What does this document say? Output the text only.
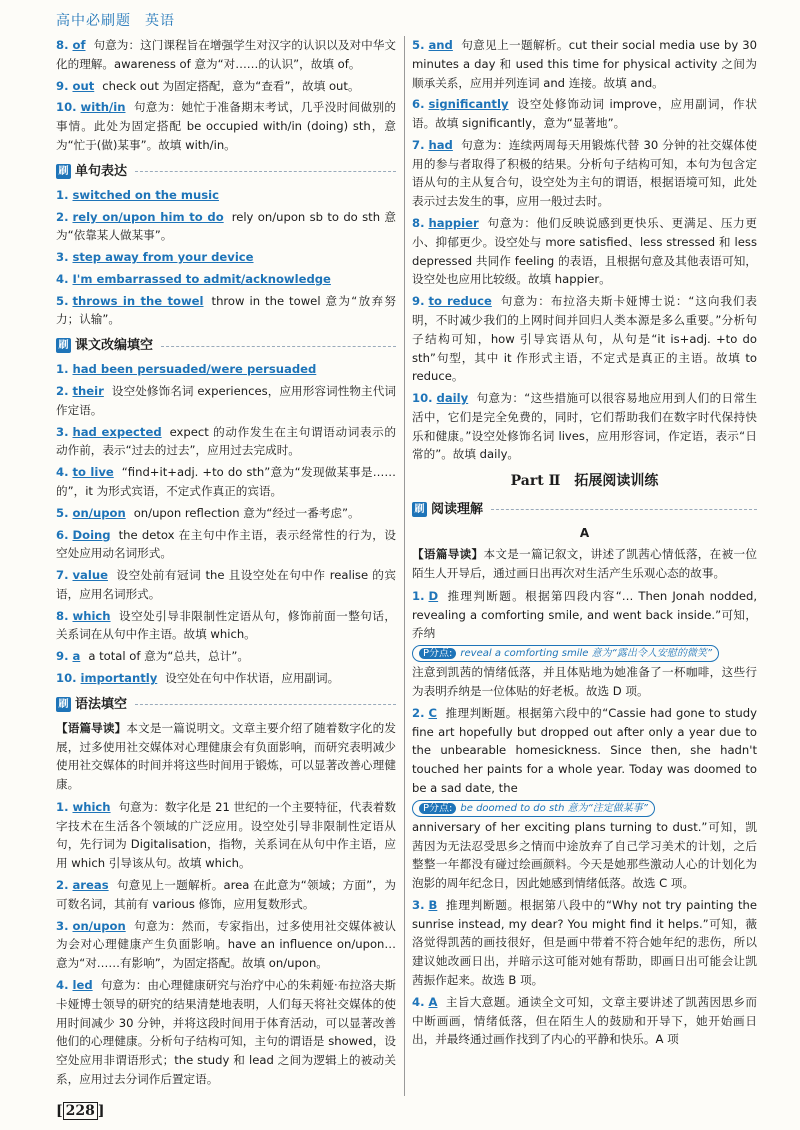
高中必刷题 英语
8. of 句意为：这门课程旨在增强学生对汉字的认识以及对中华文化的理解。awareness of 意为“对……的认识”，故填 of。
9. out check out 为固定搭配，意为“查看”，故填 out。
10. with/in 句意为：她忙于准备期末考试，几乎没时间做别的事情。此处为固定搭配 be occupied with/in (doing) sth，意为“忙于(做)某事”。故填 with/in。
刷 单句表达
1. switched on the music
2. rely on/upon him to do rely on/upon sb to do sth 意为“依靠某人做某事”。
3. step away from your device
4. I'm embarrassed to admit/acknowledge
5. throws in the towel throw in the towel 意为“放弃努力；认输”。
刷 课文改编填空
1. had been persuaded/were persuaded
2. their 设空处修饰名词 experiences，应用形容词性物主代词作定语。
3. had expected expect 的动作发生在主句谓语动词表示的动作前，表示“过去的过去”，应用过去完成时。
4. to live “find+it+adj. +to do sth”意为“发现做某事是……的”，it 为形式宾语，不定式作真正的宾语。
5. on/upon on/upon reflection 意为“经过一番考虑”。
6. Doing the detox 在主句中作主语，表示经常性的行为，设空处应用动名词形式。
7. value 设空处前有冠词 the 且设空处在句中作 realise 的宾语，应用名词形式。
8. which 设空处引导非限制性定语从句，修饰前面一整句话，关系词在从句中作主语。故填 which。
9. a a total of 意为“总共，总计”。
10. importantly 设空处在句中作状语，应用副词。
刷 语法填空
【语篇导读】本文是一篇说明文。文章主要介绍了随着数字化的发展，过多使用社交媒体对心理健康会有负面影响，而研究表明减少使用社交媒体的时间并将这些时间用于锻炼，可以显著改善心理健康。
1. which 句意为：数字化是 21 世纪的一个主要特征，代表着数字技术在生活各个领域的广泛应用。设空处引导非限制性定语从句，先行词为 Digitalisation，指物，关系词在从句中作主语，应用 which 引导该从句。故填 which。
2. areas 句意见上一题解析。area 在此意为“领域；方面”，为可数名词，其前有 various 修饰，应用复数形式。
3. on/upon 句意为：然而，专家指出，过多使用社交媒体被认为会对心理健康产生负面影响。have an influence on/upon…意为“对……有影响”，为固定搭配。故填 on/upon。
4. led 句意为：由心理健康研究与治疗中心的朱莉娅·布拉洛夫斯卡娅博士领导的研究的结果清楚地表明，人们每天将社交媒体的使用时间减少 30 分钟，并将这段时间用于体育活动，可以显著改善他们的心理健康。分析句子结构可知，主句的谓语是 showed，设空处应用非谓语形式；the study 和 lead 之间为逻辑上的被动关系，应用过去分词作后置定语。
5. and 句意见上一题解析。cut their social media use by 30 minutes a day 和 used this time for physical activity 之间为顺承关系，应用并列连词 and 连接。故填 and。
6. significantly 设空处修饰动词 improve，应用副词，作状语。故填 significantly，意为“显著地”。
7. had 句意为：连续两周每天用锻炼代替 30 分钟的社交媒体使用的参与者取得了积极的结果。分析句子结构可知，本句为包含定语从句的主从复合句，设空处为主句的谓语，根据语境可知，此处表示过去发生的事，应用一般过去时。
8. happier 句意为：他们反映说感到更快乐、更满足、压力更小、抑郁更少。设空处与 more satisfied、less stressed 和 less depressed 共同作 feeling 的表语，且根据句意及其他表语可知，设空处也应用比较级。故填 happier。
9. to reduce 句意为：布拉洛夫斯卡娅博士说：“这向我们表明，不时减少我们的上网时间并回归人类本源是多么重要。”分析句子结构可知，how 引导宾语从句，从句是“it is+adj. +to do sth”句型，其中 it 作形式主语，不定式是真正的主语。故填 to reduce。
10. daily 句意为：“这些措施可以很容易地应用到人们的日常生活中，它们是完全免费的，同时，它们帮助我们在数字时代保持快乐和健康。”设空处修饰名词 lives，应用形容词，作定语，表示“日常的”。故填 daily。
Part Ⅱ　拓展阅读训练
刷 阅读理解
A
【语篇导读】本文是一篇记叙文，讲述了凯茜心情低落，在被一位陌生人开导后，通过画日出再次对生活产生乐观心态的故事。
1. D 推理判断题。根据第四段内容“… Then Jonah nodded, revealing a comforting smile, and went back inside.”可知，乔纳
P分点: reveal a comforting smile 意为“露出令人安慰的微笑”
注意到凯茜的情绪低落，并且体贴地为她准备了一杯咖啡，这些行为表明乔纳是一位体贴的好老板。故选 D 项。
2. C 推理判断题。根据第六段中的“Cassie had gone to study fine art hopefully but dropped out after only a year due to the unbearable homesickness. Since then, she hadn't touched her paints for a whole year. Today was doomed to be a sad date, the
P分点: be doomed to do sth 意为“注定做某事”
anniversary of her exciting plans turning to dust.”可知，凯茜因为无法忍受思乡之情而中途放弃了自己学习美术的计划，之后整整一年都没有碰过绘画颜料。今天是她那些激动人心的计划化为泡影的周年纪念日，因此她感到情绪低落。故选 C 项。
3. B 推理判断题。根据第八段中的“Why not try painting the sunrise instead, my dear? You might find it helps.”可知，薇洛觉得凯茜的画技很好，但是画中带着不符合她年纪的悲伤，所以建议她改画日出，并暗示这可能对她有帮助，即画日出可能会让凯茜振作起来。故选 B 项。
4. A 主旨大意题。通读全文可知，文章主要讲述了凯茜因思乡而中断画画，情绪低落，但在陌生人的鼓励和开导下，她开始画日出，并最终通过画作找到了内心的平静和快乐。A 项
[ 228 ]
